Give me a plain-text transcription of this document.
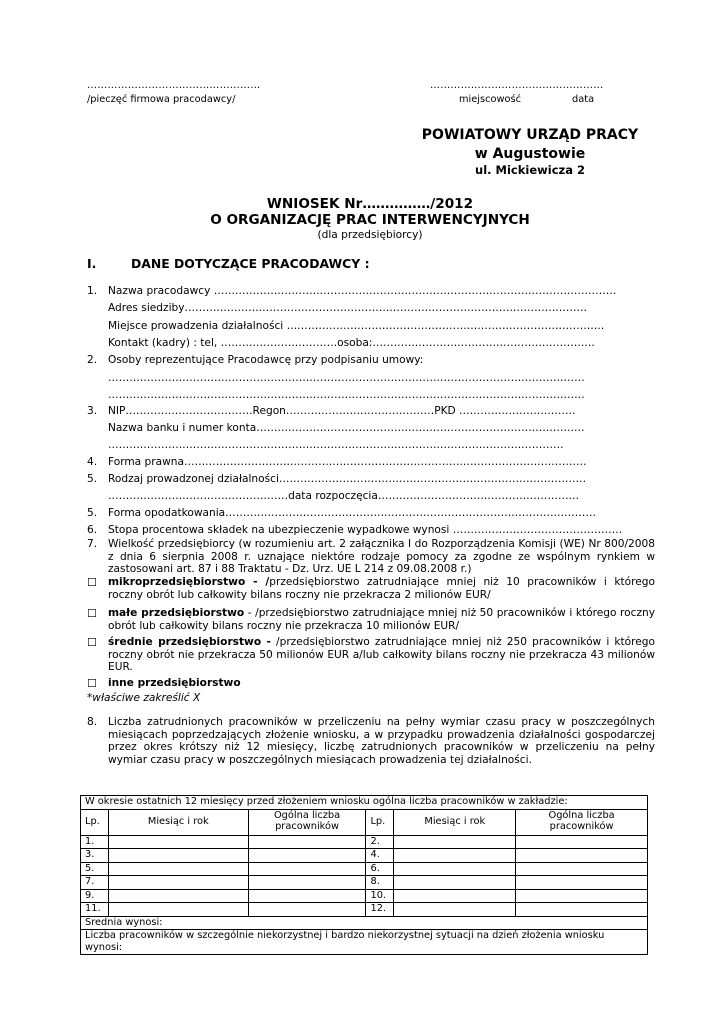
……………………………………………
/pieczęć firmowa pracodawcy/
……………………………………………
miejscowość	data
POWIATOWY URZĄD PRACY
w Augustowie
ul. Mickiewicza 2
WNIOSEK Nr……………/2012
O ORGANIZACJĘ PRAC INTERWENCYJNYCH
(dla przedsiębiorcy)
I.	DANE DOTYCZĄCE PRACODAWCY :
1. Nazwa pracodawcy ……………………………………………………………………………………………………
Adres siedziby……………………………………………………………………………………………………
Miejsce prowadzenia działalności ………………………………………………………………………………
Kontakt (kadry) : tel, ……………………………osoba:………………………………………………………
2. Osoby reprezentujące Pracodawcę przy podpisaniu umowy:
………………………………………………………………………………………………………………………
………………………………………………………………………………………………………………………
3. NIP………………………………Regon……………………………………PKD ……………………………
Nazwa banku i numer konta…………………………………………………………………………………
…………………………………………………………………………………………………………………
4. Forma prawna……………………………………………………………………………………………………
5. Rodzaj prowadzonej działalności……………………………………………………………………………
……………………………………………data rozpoczęcia…………………………………………………
5. Forma opodatkowania……………………………………………………………………………………………
6. Stopa procentowa składek na ubezpieczenie wypadkowe wynosi …………………………………………
7. Wielkość przedsiębiorcy (w rozumieniu art. 2 załącznika I do Rozporządzenia Komisji (WE) Nr 800/2008 z dnia 6 sierpnia 2008 r. uznające niektóre rodzaje pomocy za zgodne ze wspólnym rynkiem w zastosowani art. 87 i 88 Traktatu - Dz. Urz. UE L 214 z 09.08.2008 r.)
☐ mikroprzedsiębiorstwo - /przedsiębiorstwo zatrudniające mniej niż 10 pracowników i którego roczny obrót lub całkowity bilans roczny nie przekracza 2 milionów EUR/
☐ małe przedsiębiorstwo - /przedsiębiorstwo zatrudniające mniej niż 50 pracowników i którego roczny obrót lub całkowity bilans roczny nie przekracza 10 milionów EUR/
☐ średnie przedsiębiorstwo - /przedsiębiorstwo zatrudniające mniej niż 250 pracowników i którego roczny obrót nie przekracza 50 milionów EUR a/lub całkowity bilans roczny nie przekracza 43 milionów EUR.
☐ inne przedsiębiorstwo
*właściwe zakreślić X
8. Liczba zatrudnionych pracowników w przeliczeniu na pełny wymiar czasu pracy w poszczególnych miesiącach poprzedzających złożenie wniosku, a w przypadku prowadzenia działalności gospodarczej przez okres krótszy niż 12 miesięcy, liczbę zatrudnionych pracowników w przeliczeniu na pełny wymiar czasu pracy w poszczególnych miesiącach prowadzenia tej działalności.
W okresie ostatnich 12 miesięcy przed złożeniem wniosku ogólna liczba pracowników w zakładzie:					
Lp.	Miesiąc i rok	Ogólna liczba pracowników	Lp.	Miesiąc i rok	Ogólna liczba pracowników
1.			2.		
3.			4.		
5.			6.		
7.			8.		
9.			10.		
11.			12.		
Średnia wynosi:					
Liczba pracowników w szczególnie niekorzystnej i bardzo niekorzystnej sytuacji na dzień złożenia wniosku wynosi:					
